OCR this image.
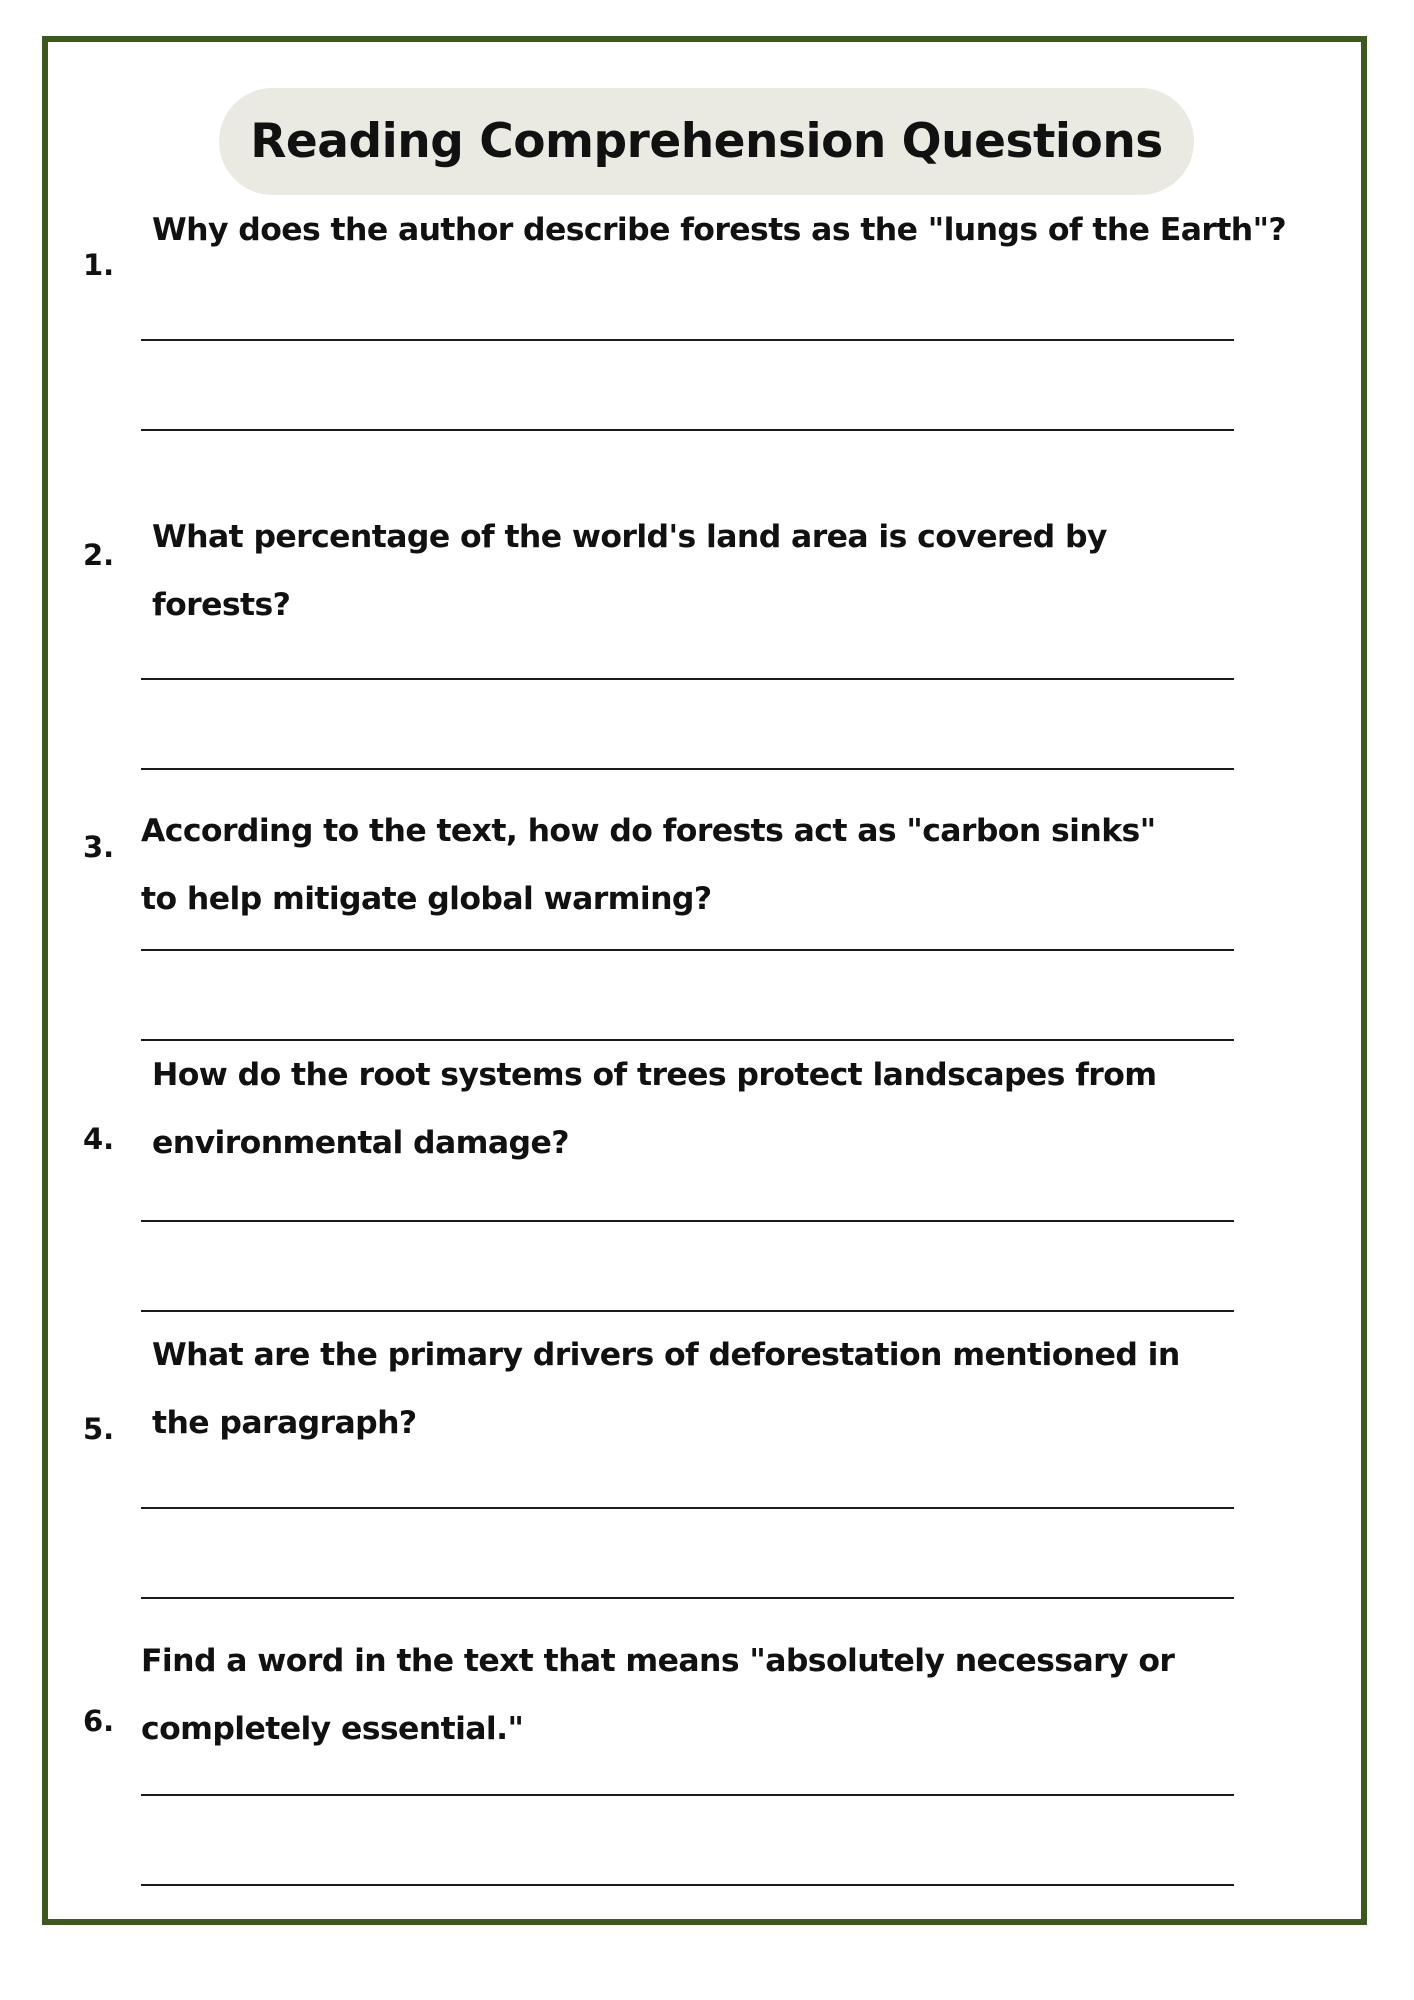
Reading Comprehension Questions
1.
Why does the author describe forests as the "lungs of the Earth"?
2. What percentage of the world's land area is covered by
forests?
3. According to the text, how do forests act as "carbon sinks"
to help mitigate global warming?
4.
How do the root systems of trees protect landscapes from
environmental damage?
5.
What are the primary drivers of deforestation mentioned in
the paragraph?
6.
Find a word in the text that means "absolutely necessary or
completely essential."
